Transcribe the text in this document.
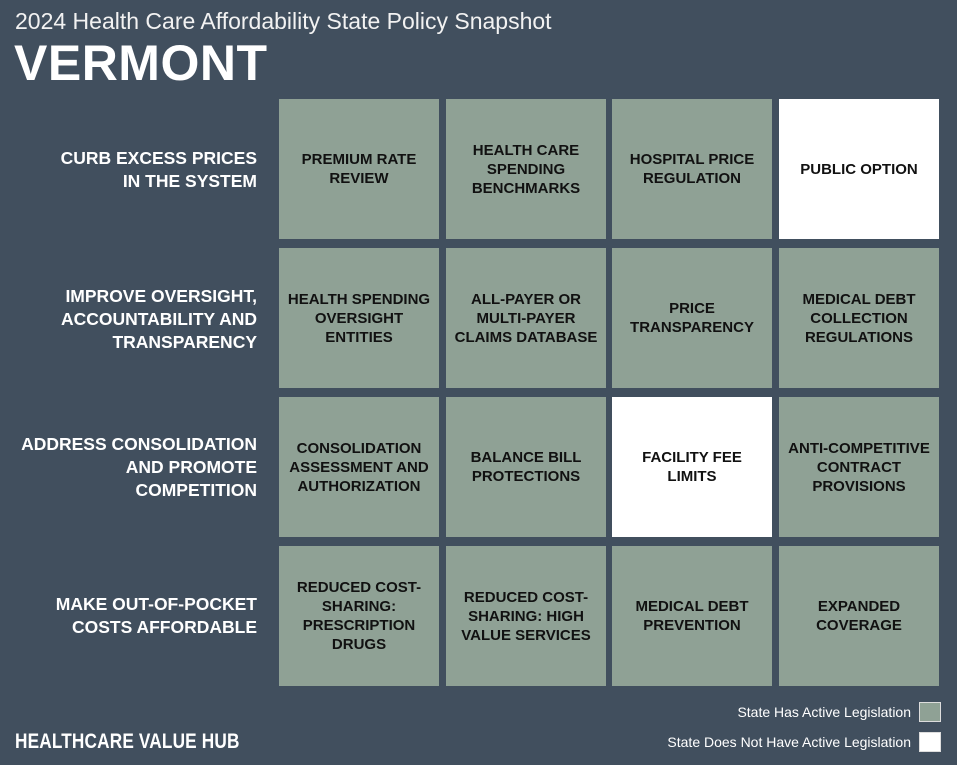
2024 Health Care Affordability State Policy Snapshot
VERMONT
CURB EXCESS PRICES IN THE SYSTEM
IMPROVE OVERSIGHT, ACCOUNTABILITY AND TRANSPARENCY
ADDRESS CONSOLIDATION AND PROMOTE COMPETITION
MAKE OUT-OF-POCKET COSTS AFFORDABLE
PREMIUM RATE REVIEW
HEALTH CARE SPENDING BENCHMARKS
HOSPITAL PRICE REGULATION
PUBLIC OPTION
HEALTH SPENDING OVERSIGHT ENTITIES
ALL-PAYER OR MULTI-PAYER CLAIMS DATABASE
PRICE TRANSPARENCY
MEDICAL DEBT COLLECTION REGULATIONS
CONSOLIDATION ASSESSMENT AND AUTHORIZATION
BALANCE BILL PROTECTIONS
FACILITY FEE LIMITS
ANTI-COMPETITIVE CONTRACT PROVISIONS
REDUCED COST-SHARING: PRESCRIPTION DRUGS
REDUCED COST-SHARING: HIGH VALUE SERVICES
MEDICAL DEBT PREVENTION
EXPANDED COVERAGE
State Has Active Legislation
State Does Not Have Active Legislation
HEALTHCARE VALUE HUB
